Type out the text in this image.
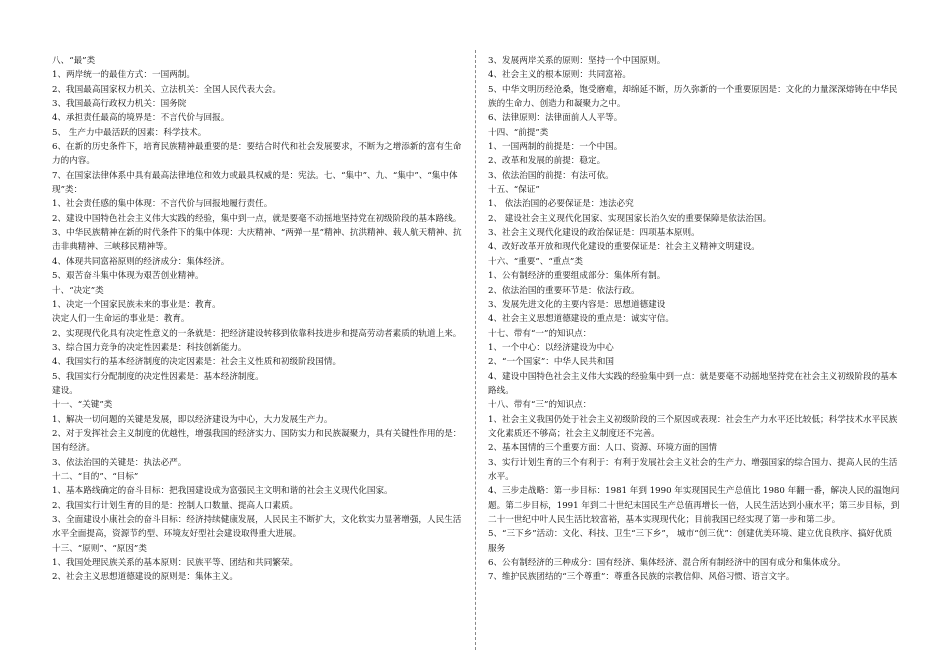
八、“最”类

1、两岸统一的最佳方式：一国两制。

2、我国最高国家权力机关、立法机关：全国人民代表大会。

3、我国最高行政权力机关：国务院

4、承担责任最高的境界是：不言代价与回报。

5、 生产力中最活跃的因素：科学技术。

6、在新的历史条件下，培育民族精神最重要的是：要结合时代和社会发展要求，不断为之增添新的富有生命力的内容。

7、在国家法律体系中具有最高法律地位和效力或最具权威的是：宪法。七、“集中”、九、“集中”、“集中体现”类：

1、社会责任感的集中体现：不言代价与回报地履行责任。

2、建设中国特色社会主义伟大实践的经验，集中到一点，就是要毫不动摇地坚持党在初级阶段的基本路线。

3、中华民族精神在新的时代条件下的集中体现：大庆精神、“两弹一星”精神、抗洪精神、载人航天精神、抗击非典精神、三峡移民精神等。

4、体现共同富裕原则的经济成分：集体经济。

5、艰苦奋斗集中体现为艰苦创业精神。

十、“决定”类

1、决定一个国家民族未来的事业是：教育。

决定人们一生命运的事业是：教育。

2、实现现代化具有决定性意义的一条就是：把经济建设转移到依靠科技进步和提高劳动者素质的轨道上来。

3、综合国力竞争的决定性因素是：科技创新能力。

4、我国实行的基本经济制度的决定因素是：社会主义性质和初级阶段国情。

5、我国实行分配制度的决定性因素是：基本经济制度。

建设。

十一、“关键”类

1、解决一切问题的关键是发展，即以经济建设为中心，大力发展生产力。

2、对于发挥社会主义制度的优越性，增强我国的经济实力、国防实力和民族凝聚力，具有关键性作用的是：国有经济。

3、依法治国的关键是：执法必严。

十二、“目的”、“目标”

1、基本路线确定的奋斗目标：把我国建设成为富强民主文明和谐的社会主义现代化国家。

2、我国实行计划生育的目的是：控制人口数量、提高人口素质。

3、全面建设小康社会的奋斗目标：经济持续健康发展，人民民主不断扩大，文化软实力显著增强，人民生活水平全面提高，资源节约型、环境友好型社会建设取得重大进展。

十三、“原则”、“原因”类

1、我国处理民族关系的基本原则：民族平等、团结和共同繁荣。

2、社会主义思想道德建设的原则是：集体主义。

3、发展两岸关系的原则：坚持一个中国原则。

4、社会主义的根本原则：共同富裕。

5、中华文明历经沧桑，饱受磨难，却绵延不断，历久弥新的一个重要原因是：文化的力量深深熔铸在中华民族的生命力、创造力和凝聚力之中。

6、法律原则：法律面前人人平等。

十四、“前提”类

1、一国两制的前提是：一个中国。

2、改革和发展的前提：稳定。

3、依法治国的前提：有法可依。

十五、“保证”

1、 依法治国的必要保证是：违法必究

2、 建设社会主义现代化国家、实现国家长治久安的重要保障是依法治国。

3、社会主义现代化建设的政治保证是：四项基本原则。

4、改好改革开放和现代化建设的重要保证是：社会主义精神文明建设。

十六、“重要”、“重点”类

1、公有制经济的重要组成部分：集体所有制。

2、依法治国的重要环节是：依法行政。

3、发展先进文化的主要内容是：思想道德建设

4、社会主义思想道德建设的重点是：诚实守信。

十七、带有“一”的知识点：

1、一个中心：以经济建设为中心

2、“一个国家”：中华人民共和国

4、建设中国特色社会主义伟大实践的经验集中到一点：就是要毫不动摇地坚持党在社会主义初级阶段的基本路线。

十八、带有“三”的知识点：

1、社会主义我国仍处于社会主义初级阶段的三个原因或表现：社会生产力水平还比较低；科学技术水平民族文化素质还不够高；社会主义制度还不完善。

2、基本国情的三个重要方面：人口、资源、环境方面的国情

3、实行计划生育的三个有利于：有利于发展社会主义社会的生产力、增强国家的综合国力、提高人民的生活水平。

4、三步走战略：第一步目标：1981 年到 1990 年实现国民生产总值比 1980 年翻一番，解决人民的温饱问题。第二步目标，1991 年到二十世纪末国民生产总值再增长一倍，人民生活达到小康水平；第三步目标，到二十一世纪中叶人民生活比较富裕，基本实现现代化；目前我国已经实现了第一步和第二步。

5、“三下乡”活动：文化、科技、卫生“三下乡”， 城市“创三优”：创建优美环境、建立优良秩序、搞好优质服务

6、公有制经济的三种成分：国有经济、集体经济、混合所有制经济中的国有成分和集体成分。

7、维护民族团结的“三个尊重”：尊重各民族的宗教信仰、风俗习惯、语言文字。
